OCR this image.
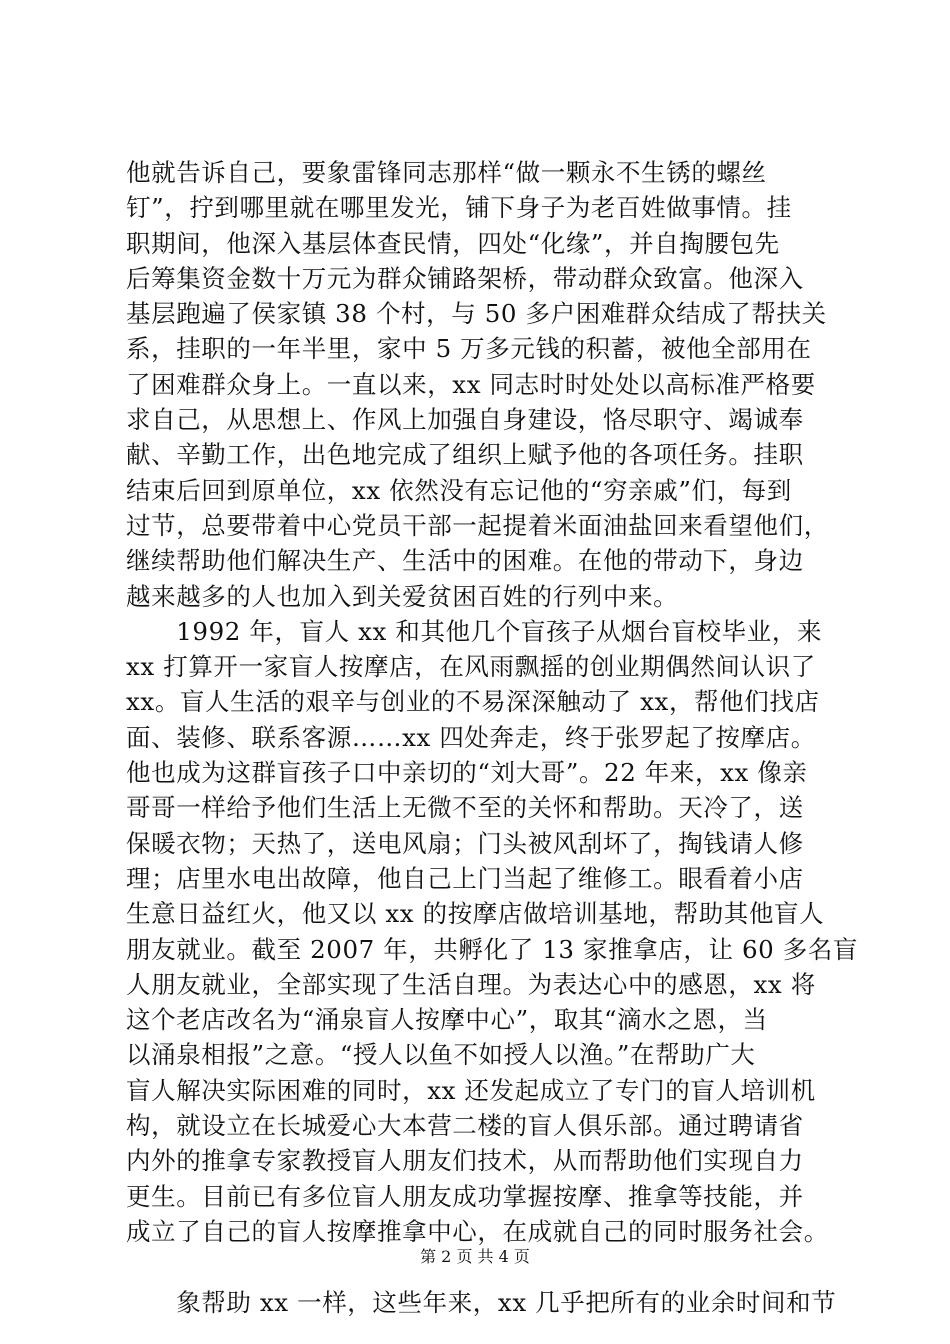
他就告诉自己，要象雷锋同志那样“做一颗永不生锈的螺丝
钉”，拧到哪里就在哪里发光，铺下身子为老百姓做事情。挂
职期间，他深入基层体查民情，四处“化缘”，并自掏腰包先
后筹集资金数十万元为群众铺路架桥，带动群众致富。他深入
基层跑遍了侯家镇 38 个村，与 50 多户困难群众结成了帮扶关
系，挂职的一年半里，家中 5 万多元钱的积蓄，被他全部用在
了困难群众身上。一直以来，xx 同志时时处处以高标准严格要
求自己，从思想上、作风上加强自身建设，恪尽职守、竭诚奉
献、辛勤工作，出色地完成了组织上赋予他的各项任务。挂职
结束后回到原单位，xx 依然没有忘记他的“穷亲戚”们，每到
过节，总要带着中心党员干部一起提着米面油盐回来看望他们，
继续帮助他们解决生产、生活中的困难。在他的带动下，身边
越来越多的人也加入到关爱贫困百姓的行列中来。
　　1992 年，盲人 xx 和其他几个盲孩子从烟台盲校毕业，来
xx 打算开一家盲人按摩店，在风雨飘摇的创业期偶然间认识了
xx。盲人生活的艰辛与创业的不易深深触动了 xx，帮他们找店
面、装修、联系客源……xx 四处奔走，终于张罗起了按摩店。
他也成为这群盲孩子口中亲切的“刘大哥”。22 年来，xx 像亲
哥哥一样给予他们生活上无微不至的关怀和帮助。天冷了，送
保暖衣物；天热了，送电风扇；门头被风刮坏了，掏钱请人修
理；店里水电出故障，他自己上门当起了维修工。眼看着小店
生意日益红火，他又以 xx 的按摩店做培训基地，帮助其他盲人
朋友就业。截至 2007 年，共孵化了 13 家推拿店，让 60 多名盲
人朋友就业，全部实现了生活自理。为表达心中的感恩，xx 将
这个老店改名为“涌泉盲人按摩中心”，取其“滴水之恩，当
以涌泉相报”之意。“授人以鱼不如授人以渔。”在帮助广大
盲人解决实际困难的同时，xx 还发起成立了专门的盲人培训机
构，就设立在长城爱心大本营二楼的盲人俱乐部。通过聘请省
内外的推拿专家教授盲人朋友们技术，从而帮助他们实现自力
更生。目前已有多位盲人朋友成功掌握按摩、推拿等技能，并
成立了自己的盲人按摩推拿中心，在成就自己的同时服务社会。
　　象帮助 xx 一样，这些年来，xx 几乎把所有的业余时间和节
第 2 页 共 4 页
